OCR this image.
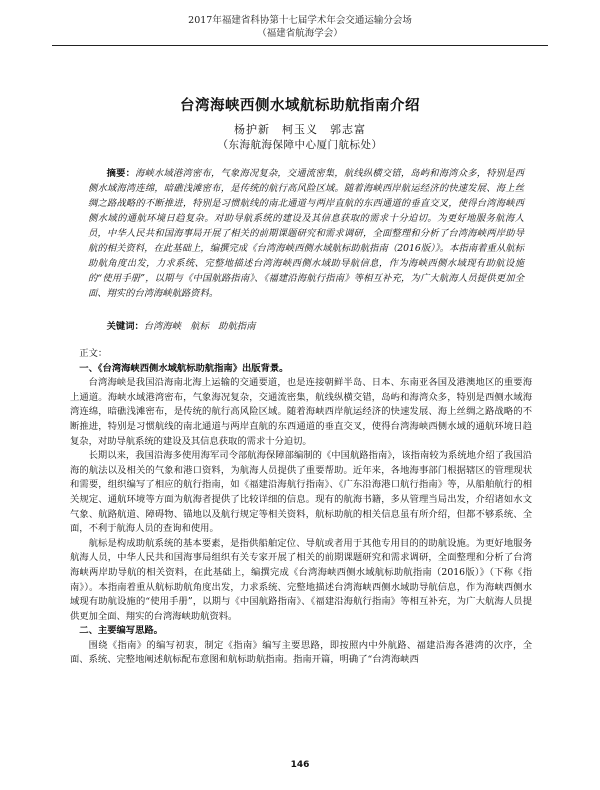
2017年福建省科协第十七届学术年会交通运输分会场
（福建省航海学会）
台湾海峡西侧水域航标助航指南介绍
杨护新　柯玉义　郭志富
（东海航海保障中心厦门航标处）
摘要：海峡水域港湾密布，气象海况复杂，交通流密集，航线纵横交错，岛屿和海湾众多，特别是西侧水域海湾连绵，暗礁浅滩密布，是传统的航行高风险区域。随着海峡西岸航运经济的快速发展、海上丝绸之路战略的不断推进，特别是习惯航线的南北通道与两岸直航的东西通道的垂直交叉，使得台湾海峡西侧水域的通航环境日趋复杂。对助导航系统的建设及其信息获取的需求十分迫切。为更好地服务航海人员，中华人民共和国海事局开展了相关的前期课题研究和需求调研，全面整理和分析了台湾海峡两岸助导航的相关资料，在此基础上，编撰完成《台湾海峡西侧水域航标助航指南（2016版）》。本指南着重从航标助航角度出发，力求系统、完整地描述台湾海峡西侧水域助导航信息，作为海峡西侧水域现有助航设施的“使用手册”，以期与《中国航路指南》、《福建沿海航行指南》等相互补充，为广大航海人员提供更加全面、翔实的台湾海峡航路资料。
关键词：台湾海峡　航标　助航指南

正文：

一、《台湾海峡西侧水域航标助航指南》出版背景。

台湾海峡是我国沿海南北海上运输的交通要道，也是连接朝鲜半岛、日本、东南亚各国及港澳地区的重要海上通道。海峡水域港湾密布，气象海况复杂，交通流密集，航线纵横交错，岛屿和海湾众多，特别是西侧水域海湾连绵，暗礁浅滩密布，是传统的航行高风险区域。随着海峡西岸航运经济的快速发展、海上丝绸之路战略的不断推进，特别是习惯航线的南北通道与两岸直航的东西通道的垂直交叉，使得台湾海峡西侧水域的通航环境日趋复杂，对助导航系统的建设及其信息获取的需求十分迫切。

长期以来，我国沿海多使用海军司令部航海保障部编制的《中国航路指南》，该指南较为系统地介绍了我国沿海的航法以及相关的气象和港口资料，为航海人员提供了重要帮助。近年来，各地海事部门根据辖区的管理现状和需要，组织编写了相应的航行指南，如《福建沿海航行指南》、《广东沿海港口航行指南》等，从船舶航行的相关规定、通航环境等方面为航海者提供了比较详细的信息。现有的航海书籍，多从管理当局出发，介绍诸如水文气象、航路航道、障碍物、锚地以及航行规定等相关资料，航标助航的相关信息虽有所介绍，但都不够系统、全面，不利于航海人员的查询和使用。

航标是构成助航系统的基本要素，是指供船舶定位、导航或者用于其他专用目的的助航设施。为更好地服务航海人员，中华人民共和国海事局组织有关专家开展了相关的前期课题研究和需求调研，全面整理和分析了台湾海峡两岸助导航的相关资料，在此基础上，编撰完成《台湾海峡西侧水域航标助航指南（2016版）》（下称《指南》）。本指南着重从航标助航角度出发，力求系统、完整地描述台湾海峡西侧水域助导航信息，作为海峡西侧水域现有助航设施的“使用手册”，以期与《中国航路指南》、《福建沿海航行指南》等相互补充，为广大航海人员提供更加全面、翔实的台湾海峡助航资料。

二、主要编写思路。

围绕《指南》的编写初衷，制定《指南》编写主要思路，即按照内中外航路、福建沿海各港湾的次序，全面、系统、完整地阐述航标配布意图和航标助航指南。指南开篇，明确了“台湾海峡西

146
